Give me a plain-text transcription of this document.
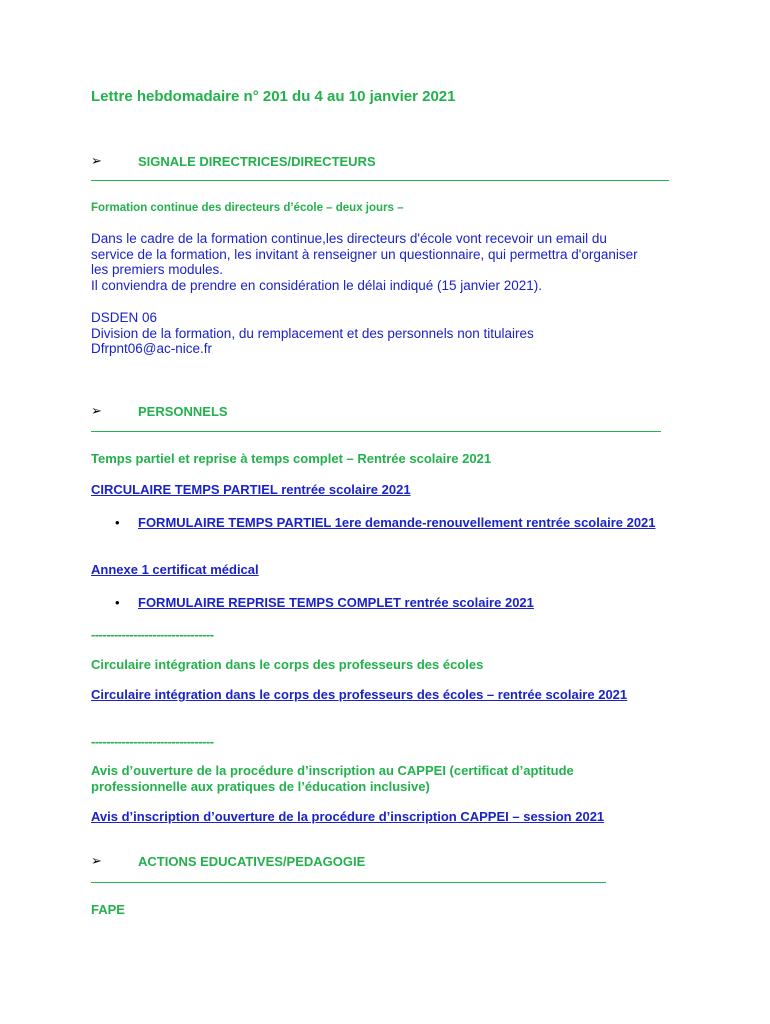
Lettre hebdomadaire n° 201 du 4 au 10 janvier 2021
➢	SIGNALE DIRECTRICES/DIRECTEURS
Formation continue des directeurs d’école – deux jours –
Dans le cadre de la formation continue,les directeurs d'école vont recevoir un email du
service de la formation, les invitant à renseigner un questionnaire, qui permettra d'organiser
les premiers modules.
Il conviendra de prendre en considération le délai indiqué (15 janvier 2021).
DSDEN 06
Division de la formation, du remplacement et des personnels non titulaires
Dfrpnt06@ac-nice.fr
➢	PERSONNELS
Temps partiel et reprise à temps complet – Rentrée scolaire 2021
CIRCULAIRE TEMPS PARTIEL rentrée scolaire 2021
• FORMULAIRE TEMPS PARTIEL 1ere demande-renouvellement rentrée scolaire 2021
Annexe 1 certificat médical
• FORMULAIRE REPRISE TEMPS COMPLET rentrée scolaire 2021
--------------------------------
Circulaire intégration dans le corps des professeurs des écoles
Circulaire intégration dans le corps des professeurs des écoles – rentrée scolaire 2021
--------------------------------
Avis d’ouverture de la procédure d’inscription au CAPPEI (certificat d’aptitude professionnelle aux pratiques de l’éducation inclusive)
Avis d’inscription d’ouverture de la procédure d’inscription CAPPEI – session 2021
➢	ACTIONS EDUCATIVES/PEDAGOGIE
FAPE
